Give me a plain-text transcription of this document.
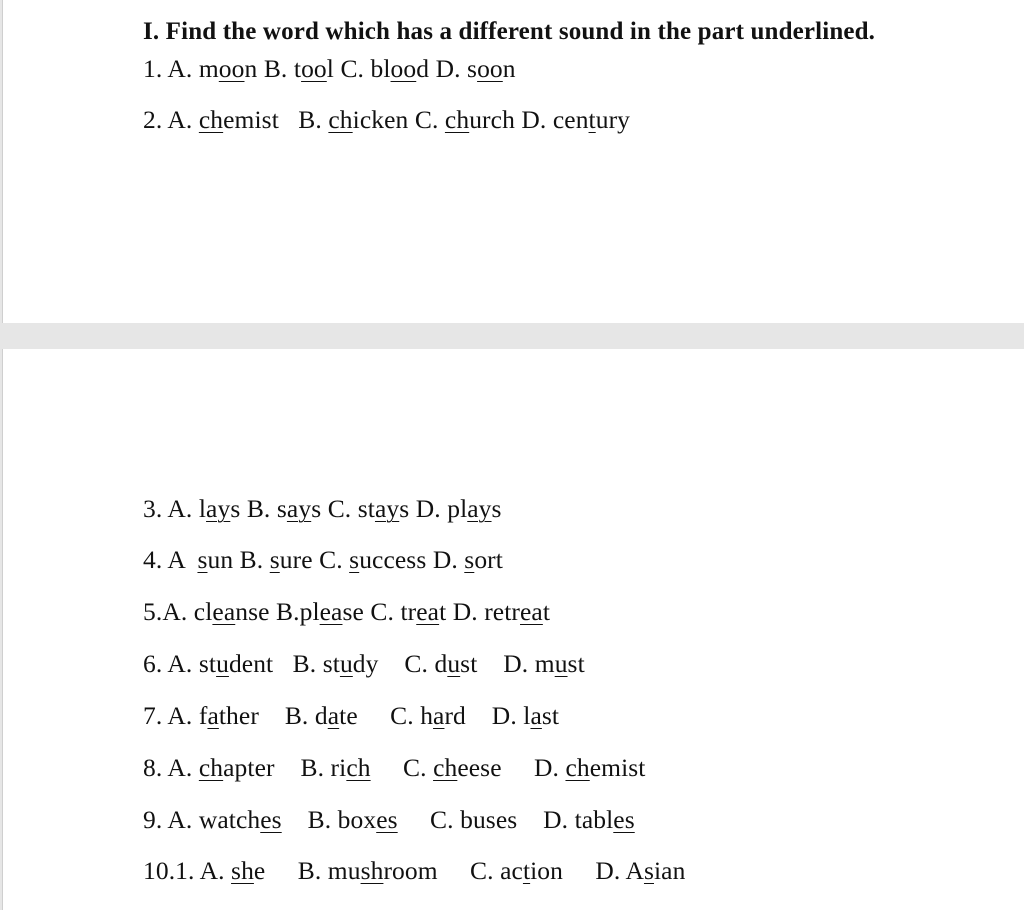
I. Find the word which has a different sound in the part underlined.
1. A. moon B. tool C. blood D. soon
2. A. chemist   B. chicken C. church D. century
3. A. lays B. says C. stays D. plays
4. A  sun B. sure C. success D. sort
5.A. cleanse B.please C. treat D. retreat
6. A. student   B. study    C. dust    D. must
7. A. father    B. date     C. hard    D. last
8. A. chapter    B. rich     C. cheese     D. chemist
9. A. watches    B. boxes     C. buses    D. tables
10.1. A. she     B. mushroom     C. action     D. Asian
